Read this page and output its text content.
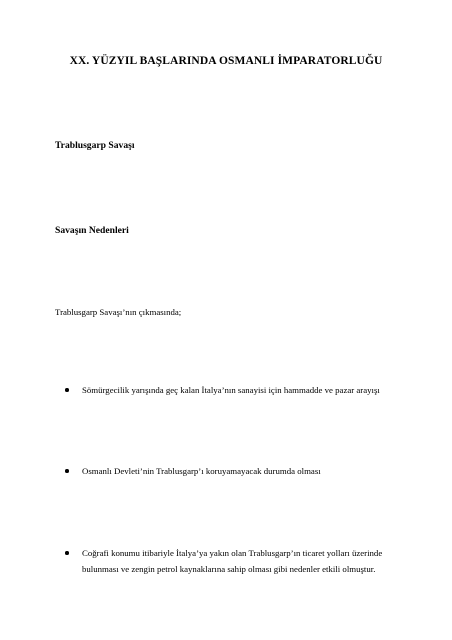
XX. YÜZYIL BAŞLARINDA OSMANLI İMPARATORLUĞU
Trablusgarp Savaşı
Savaşın Nedenleri

Trablusgarp Savaşı’nın çıkmasında;

Sömürgecilik yarışında geç kalan İtalya’nın sanayisi için hammadde ve pazar arayışı
Osmanlı Devleti’nin Trablusgarp’ı koruyamayacak durumda olması
Coğrafi konumu itibariyle İtalya’ya yakın olan Trablusgarp’ın ticaret yolları üzerinde bulunması ve zengin petrol kaynaklarına sahip olması gibi nedenler etkili olmuştur.
